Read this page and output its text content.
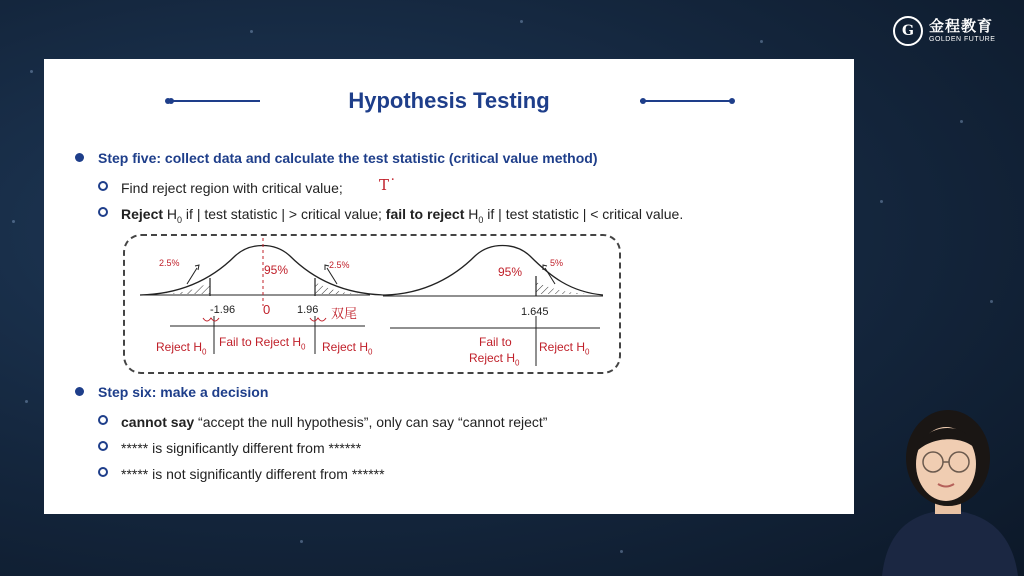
G 金程教育
GOLDEN FUTURE
Hypothesis Testing
Step five: collect data and calculate the test statistic (critical value method)
Find reject region with critical value; T˙
Reject $H_0$ if | test statistic | > critical value; fail to reject $H_0$ if | test statistic | < critical value.
2.5%	95%	2.5%
-1.96 0 1.96 双尾
Reject $H_0$
Fail to Reject $H_0$ Reject $H_0$
95%
5%
1.645
Fail to
Reject $H_0$
Reject $H_0$
Step six: make a decision
cannot say “accept the null hypothesis”, only can say “cannot reject”
***** is significantly different from ******
***** is not significantly different from ******
